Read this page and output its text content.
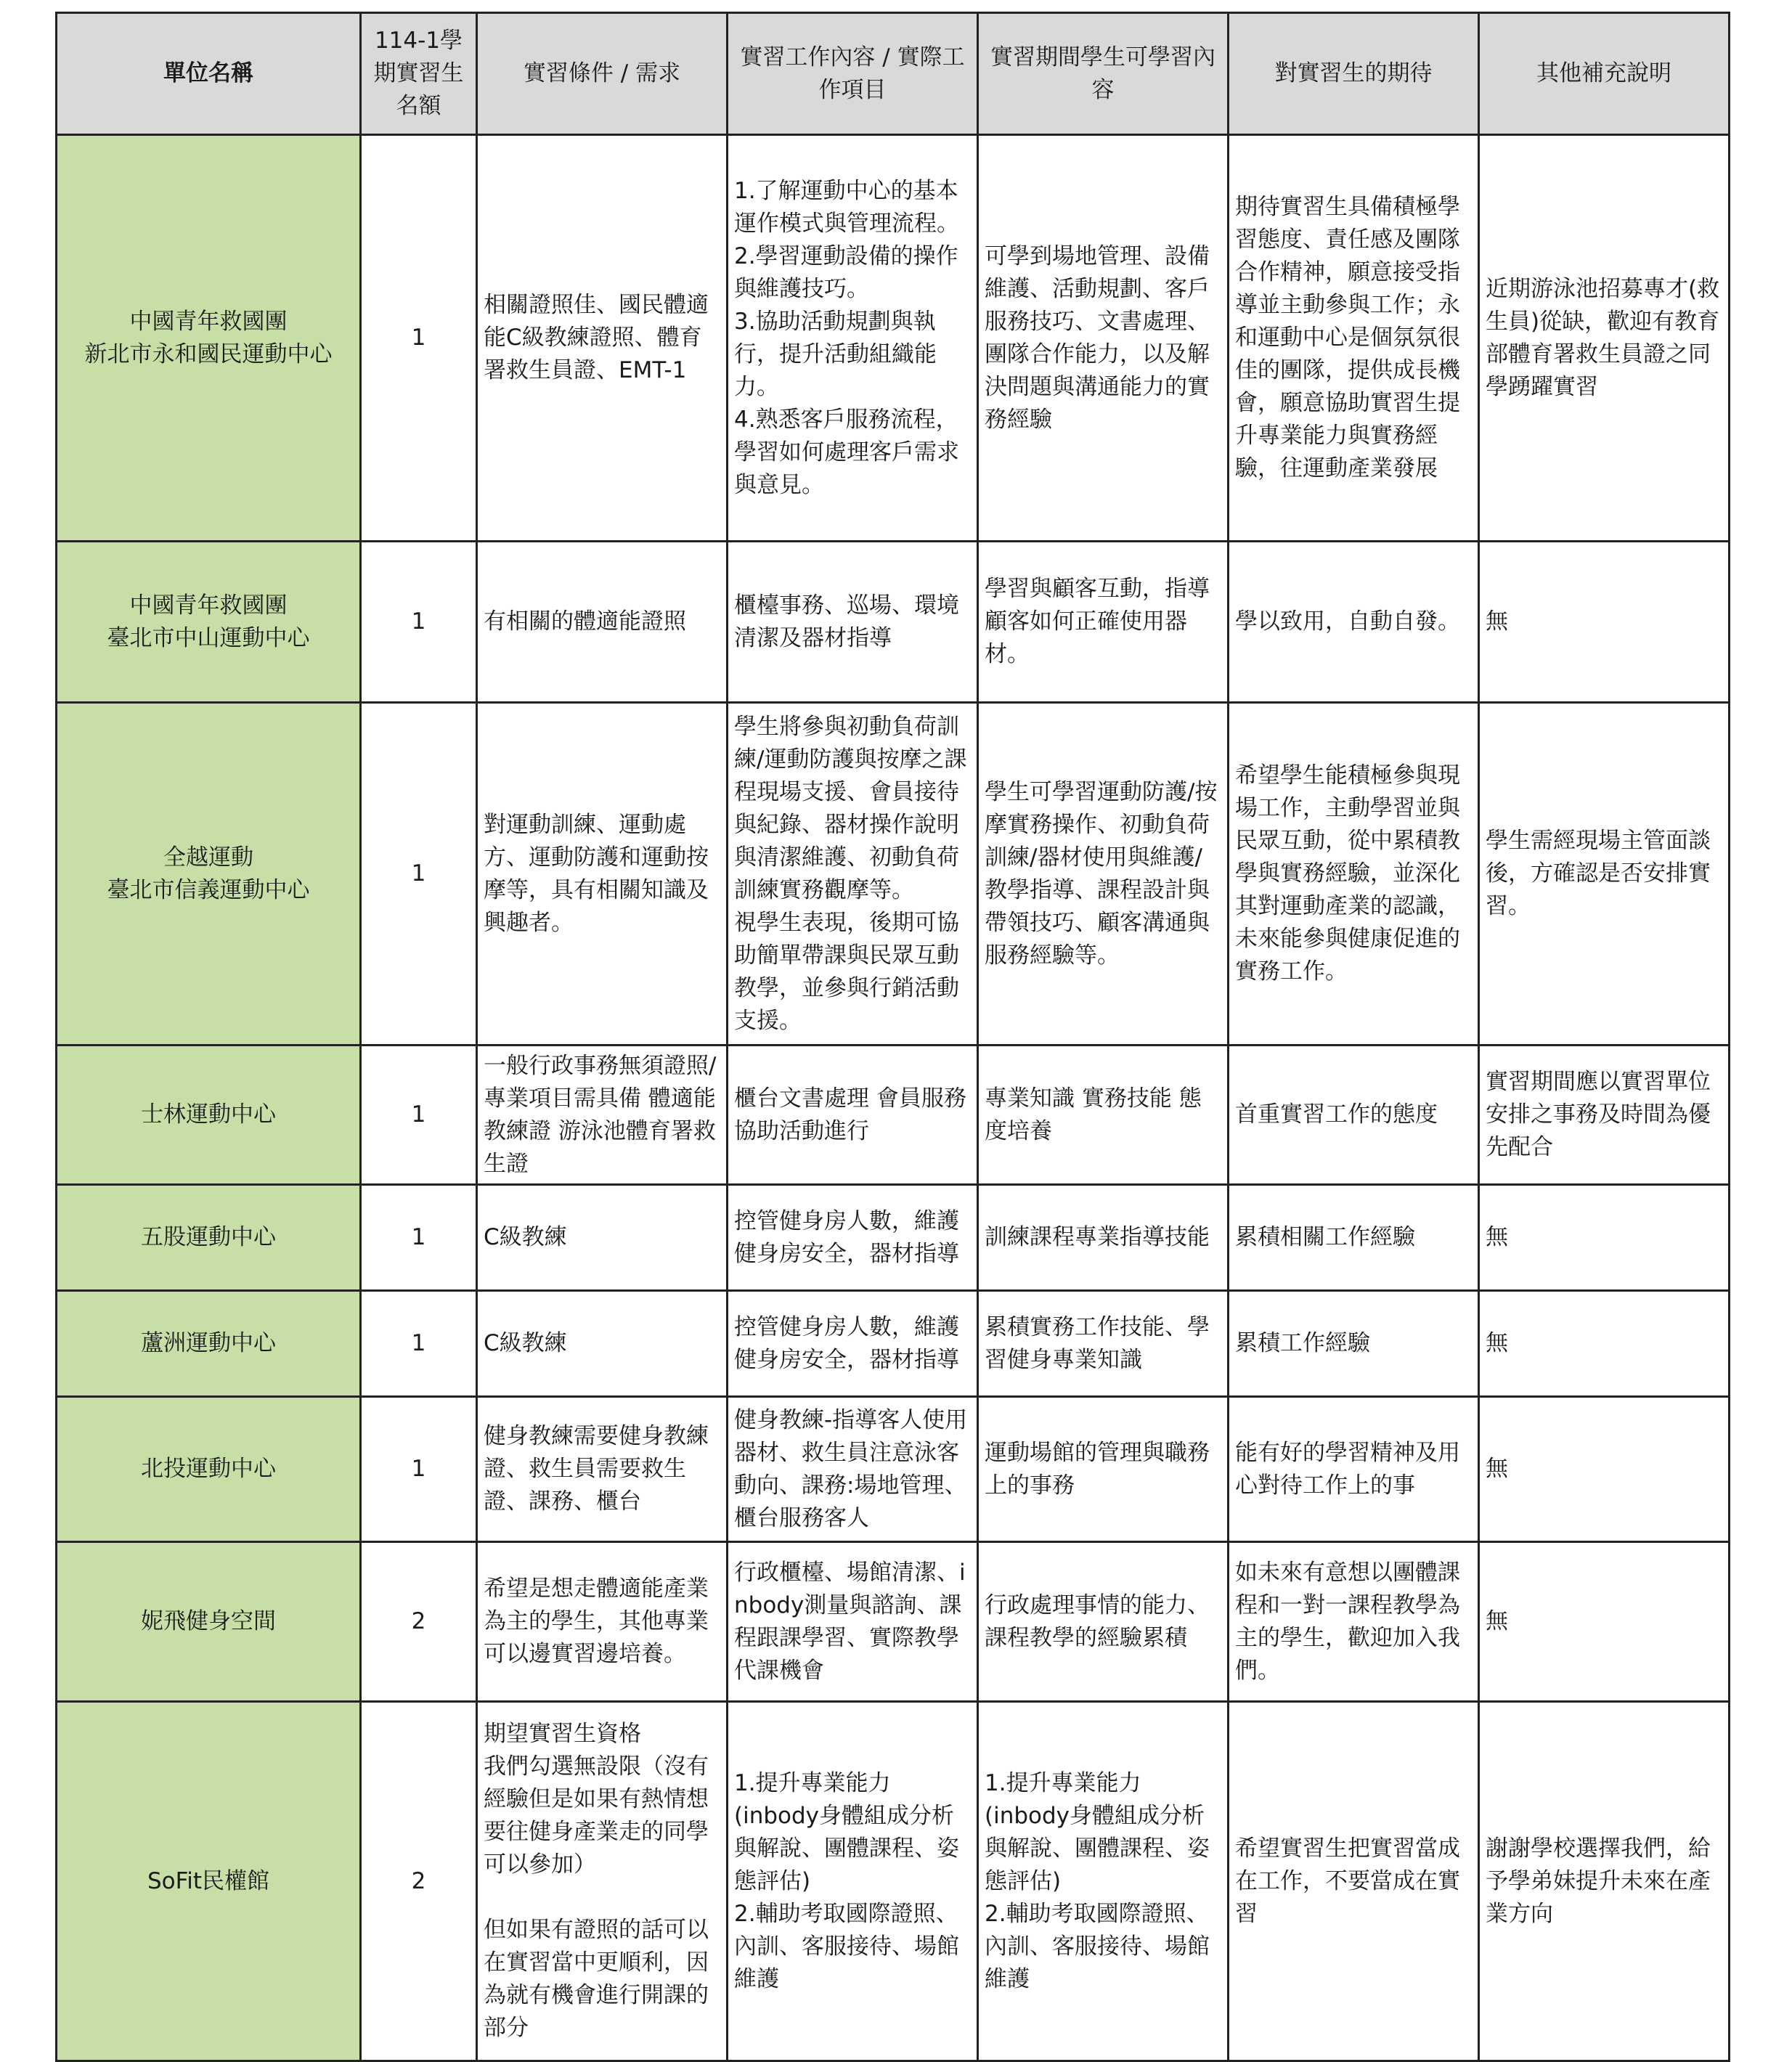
單位名稱	114-1學期實習生名額	實習條件 / 需求	實習工作內容 / 實際工作項目	實習期間學生可學習內容	對實習生的期待	其他補充說明
中國青年救國團
新北市永和國民運動中心	1	相關證照佳、國民體適能C級教練證照、體育署救生員證、EMT-1	1.了解運動中心的基本運作模式與管理流程。
2.學習運動設備的操作與維護技巧。
3.協助活動規劃與執行，提升活動組織能力。
4.熟悉客戶服務流程，學習如何處理客戶需求與意見。	可學到場地管理、設備維護、活動規劃、客戶服務技巧、文書處理、團隊合作能力，以及解決問題與溝通能力的實務經驗	期待實習生具備積極學習態度、責任感及團隊合作精神，願意接受指導並主動參與工作；永和運動中心是個氛氛很佳的團隊，提供成長機會，願意協助實習生提升專業能力與實務經驗，往運動產業發展	近期游泳池招募專才(救生員)從缺，歡迎有教育部體育署救生員證之同學踴躍實習
中國青年救國團
臺北市中山運動中心	1	有相關的體適能證照	櫃檯事務、巡場、環境清潔及器材指導	學習與顧客互動，指導顧客如何正確使用器材。	學以致用，自動自發。	無
全越運動
臺北市信義運動中心	1	對運動訓練、運動處方、運動防護和運動按摩等，具有相關知識及興趣者。	學生將參與初動負荷訓練/運動防護與按摩之課程現場支援、會員接待與紀錄、器材操作說明與清潔維護、初動負荷訓練實務觀摩等。
視學生表現，後期可協助簡單帶課與民眾互動教學，並參與行銷活動支援。	學生可學習運動防護/按摩實務操作、初動負荷訓練/器材使用與維護/教學指導、課程設計與帶領技巧、顧客溝通與服務經驗等。	希望學生能積極參與現場工作，主動學習並與民眾互動，從中累積教學與實務經驗，並深化其對運動產業的認識，未來能參與健康促進的實務工作。	學生需經現場主管面談後，方確認是否安排實習。
士林運動中心	1	一般行政事務無須證照/專業項目需具備 體適能教練證 游泳池體育署救生證	櫃台文書處理 會員服務 協助活動進行	專業知識 實務技能 態度培養	首重實習工作的態度	實習期間應以實習單位安排之事務及時間為優先配合
五股運動中心	1	C級教練	控管健身房人數，維護健身房安全，器材指導	訓練課程專業指導技能	累積相關工作經驗	無
蘆洲運動中心	1	C級教練	控管健身房人數，維護健身房安全，器材指導	累積實務工作技能、學習健身專業知識	累積工作經驗	無
北投運動中心	1	健身教練需要健身教練證、救生員需要救生證、課務、櫃台	健身教練-指導客人使用器材、救生員注意泳客動向、課務:場地管理、櫃台服務客人	運動場館的管理與職務上的事務	能有好的學習精神及用心對待工作上的事	無
妮飛健身空間	2	希望是想走體適能產業為主的學生，其他專業可以邊實習邊培養。	行政櫃檯、場館清潔、inbody測量與諮詢、課程跟課學習、實際教學代課機會	行政處理事情的能力、課程教學的經驗累積	如未來有意想以團體課程和一對一課程教學為主的學生，歡迎加入我們。	無
SoFit民權館	2	期望實習生資格
我們勾選無設限（沒有經驗但是如果有熱情想要往健身產業走的同學可以參加）

但如果有證照的話可以在實習當中更順利，因為就有機會進行開課的部分	1.提升專業能力
(inbody身體組成分析與解說、團體課程、姿態評估)
2.輔助考取國際證照、內訓、客服接待、場館維護	1.提升專業能力
(inbody身體組成分析與解說、團體課程、姿態評估)
2.輔助考取國際證照、內訓、客服接待、場館維護	希望實習生把實習當成在工作，不要當成在實習	謝謝學校選擇我們，給予學弟妹提升未來在產業方向
